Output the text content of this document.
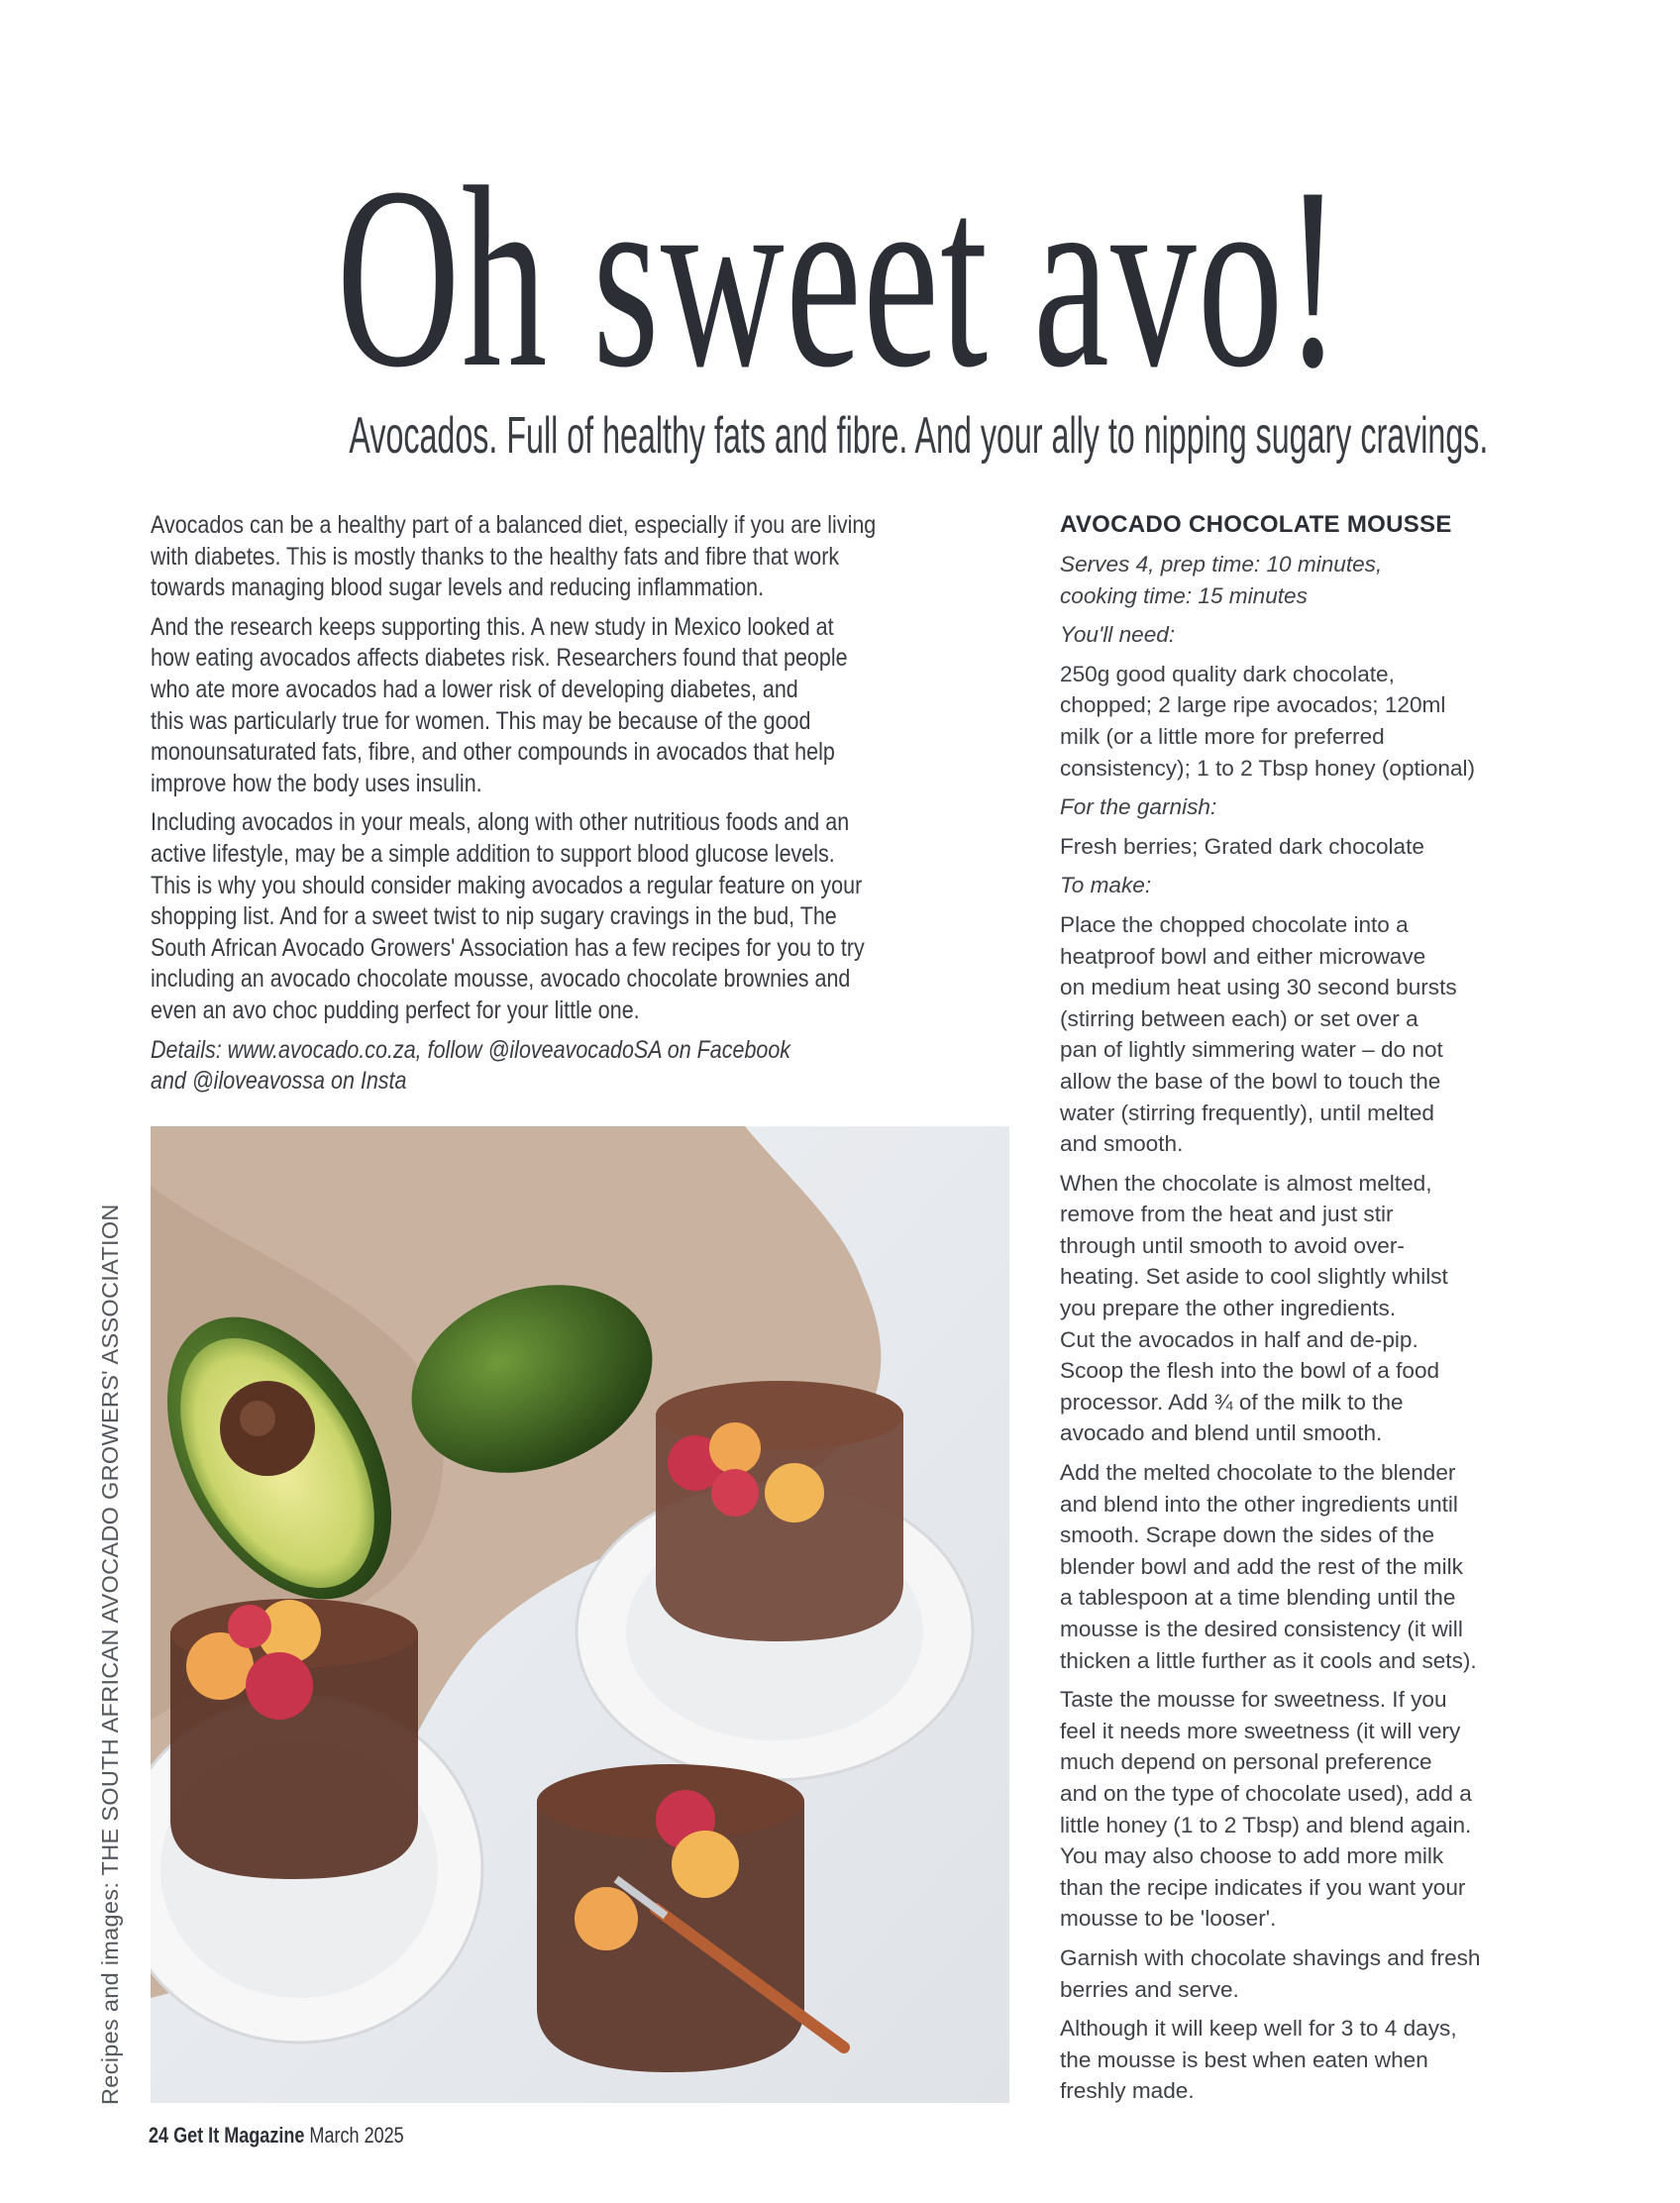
Oh sweet avo!
Avocados. Full of healthy fats and fibre. And your ally to nipping sugary cravings.

Avocados can be a healthy part of a balanced diet, especially if you are living
with diabetes. This is mostly thanks to the healthy fats and fibre that work
towards managing blood sugar levels and reducing inflammation.

And the research keeps supporting this. A new study in Mexico looked at
how eating avocados affects diabetes risk. Researchers found that people
who ate more avocados had a lower risk of developing diabetes, and
this was particularly true for women. This may be because of the good
monounsaturated fats, fibre, and other compounds in avocados that help
improve how the body uses insulin.

Including avocados in your meals, along with other nutritious foods and an
active lifestyle, may be a simple addition to support blood glucose levels.
This is why you should consider making avocados a regular feature on your
shopping list. And for a sweet twist to nip sugary cravings in the bud, The
South African Avocado Growers' Association has a few recipes for you to try
including an avocado chocolate mousse, avocado chocolate brownies and
even an avo choc pudding perfect for your little one.

Details: www.avocado.co.za, follow @iloveavocadoSA on Facebook
and @iloveavossa on Insta

AVOCADO CHOCOLATE MOUSSE

Serves 4, prep time: 10 minutes,
cooking time: 15 minutes

You'll need:

250g good quality dark chocolate,
chopped; 2 large ripe avocados; 120ml
milk (or a little more for preferred
consistency); 1 to 2 Tbsp honey (optional)

For the garnish:

Fresh berries; Grated dark chocolate

To make:

Place the chopped chocolate into a
heatproof bowl and either microwave
on medium heat using 30 second bursts
(stirring between each) or set over a
pan of lightly simmering water – do not
allow the base of the bowl to touch the
water (stirring frequently), until melted
and smooth.

When the chocolate is almost melted,
remove from the heat and just stir
through until smooth to avoid over-
heating. Set aside to cool slightly whilst
you prepare the other ingredients.
Cut the avocados in half and de-pip.
Scoop the flesh into the bowl of a food
processor. Add ¾ of the milk to the
avocado and blend until smooth.

Add the melted chocolate to the blender
and blend into the other ingredients until
smooth. Scrape down the sides of the
blender bowl and add the rest of the milk
a tablespoon at a time blending until the
mousse is the desired consistency (it will
thicken a little further as it cools and sets).

Taste the mousse for sweetness. If you
feel it needs more sweetness (it will very
much depend on personal preference
and on the type of chocolate used), add a
little honey (1 to 2 Tbsp) and blend again.
You may also choose to add more milk
than the recipe indicates if you want your
mousse to be 'looser'.

Garnish with chocolate shavings and fresh
berries and serve.

Although it will keep well for 3 to 4 days,
the mousse is best when eaten when
freshly made.

Recipes and images: THE SOUTH AFRICAN AVOCADO GROWERS' ASSOCIATION
24 Get It Magazine March 2025
